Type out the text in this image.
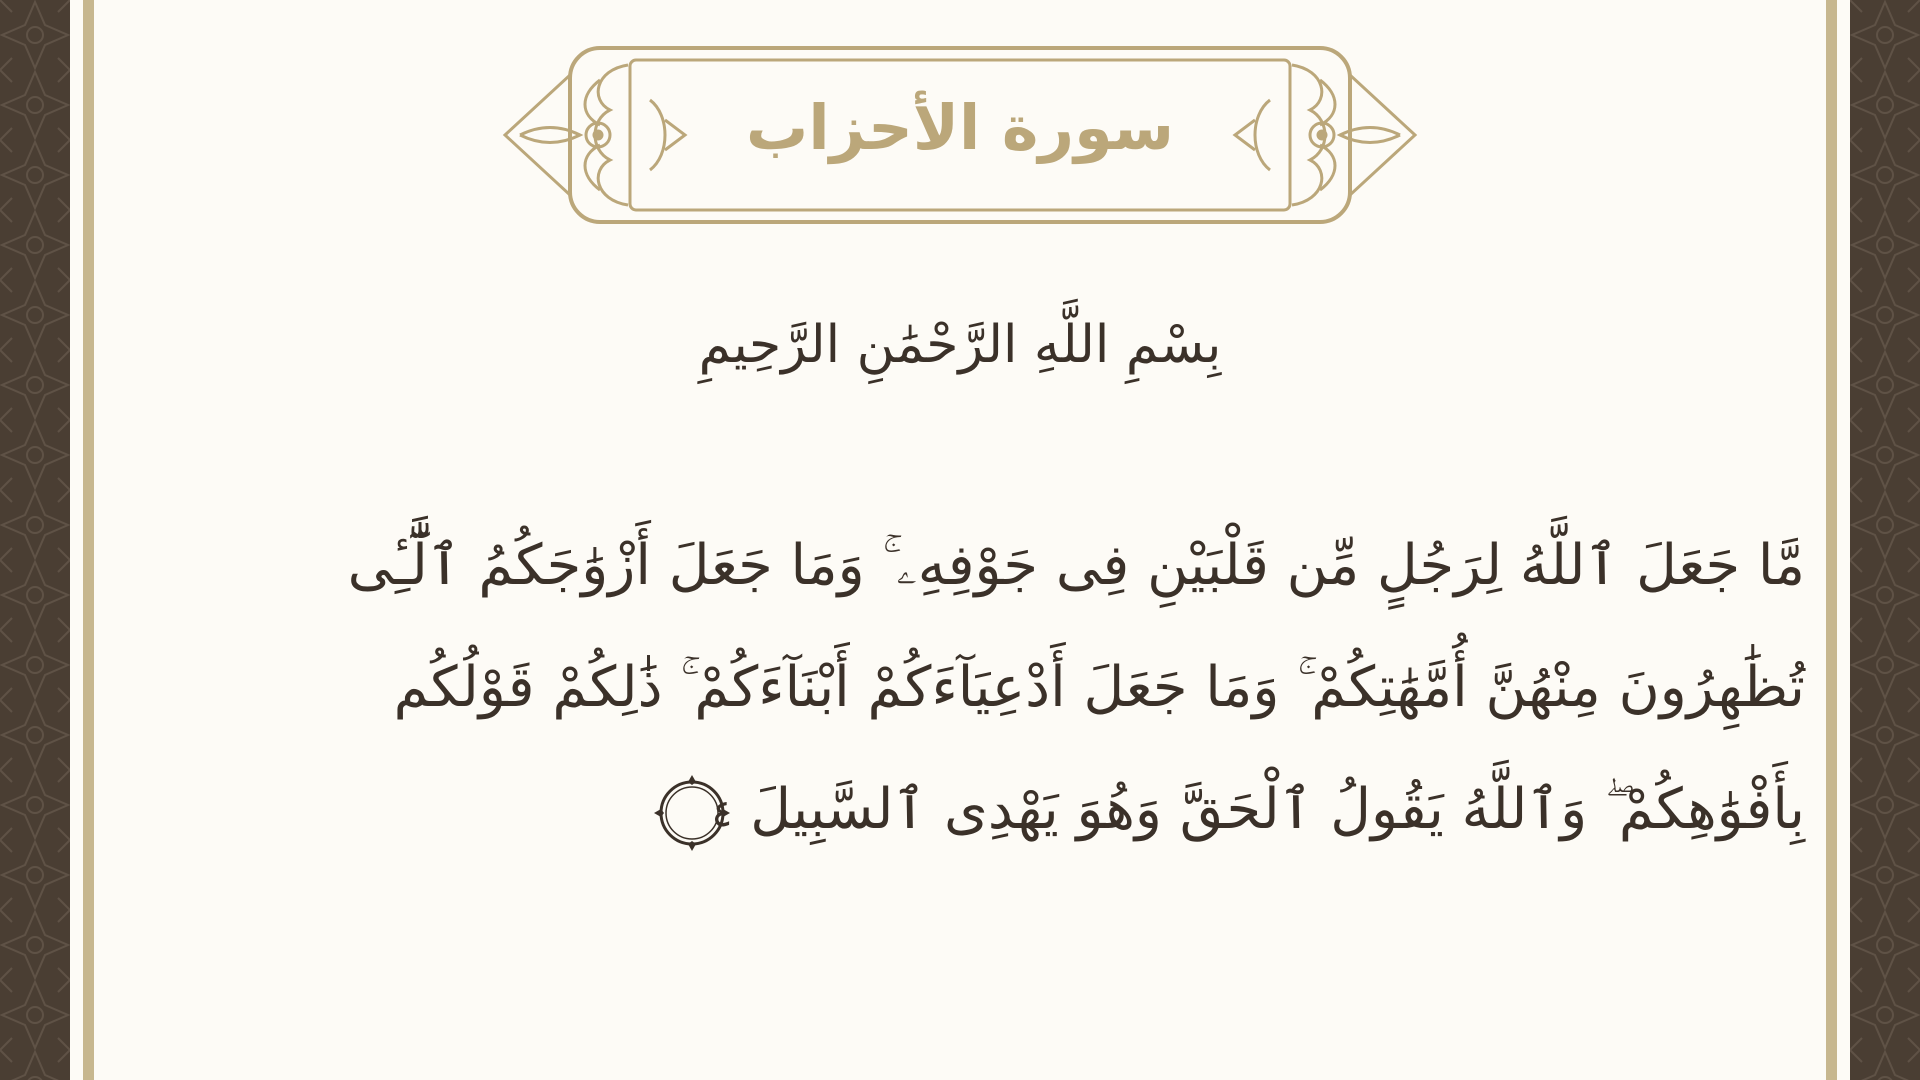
سورة الأحزاب
بِسْمِ اللَّهِ الرَّحْمَٰنِ الرَّحِيمِ
مَّا جَعَلَ ٱللَّهُ لِرَجُلٍ مِّن قَلْبَيْنِ فِى جَوْفِهِۦ ۚ وَمَا جَعَلَ أَزْوَٰجَكُمُ ٱلَّٰٓـِٔى
تُظَٰهِرُونَ مِنْهُنَّ أُمَّهَٰتِكُمْ ۚ وَمَا جَعَلَ أَدْعِيَآءَكُمْ أَبْنَآءَكُمْ ۚ ذَٰلِكُمْ قَوْلُكُم
بِأَفْوَٰهِكُمْ ۖ وَٱللَّهُ يَقُولُ ٱلْحَقَّ وَهُوَ يَهْدِى ٱلسَّبِيلَ
٤
